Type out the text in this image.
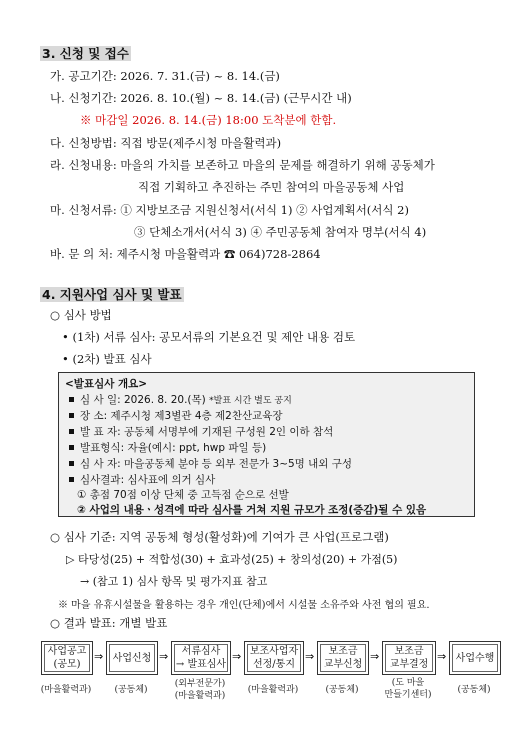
3. 신청 및 접수
가. 공고기간: 2026. 7. 31.(금) ~ 8. 14.(금)
나. 신청기간: 2026. 8. 10.(월) ~ 8. 14.(금) (근무시간 내)
※ 마감일 2026. 8. 14.(금) 18:00 도착분에 한함.
다. 신청방법: 직접 방문(제주시청 마을활력과)
라. 신청내용: 마을의 가치를 보존하고 마을의 문제를 해결하기 위해 공동체가
직접 기획하고 추진하는 주민 참여의 마을공동체 사업
마. 신청서류: ① 지방보조금 지원신청서(서식 1) ② 사업계획서(서식 2)
③ 단체소개서(서식 3) ④ 주민공동체 참여자 명부(서식 4)
바. 문 의 처: 제주시청 마을활력과 ☎ 064)728-2864
4. 지원사업 심사 및 발표
○ 심사 방법
• (1차) 서류 심사: 공모서류의 기본요건 및 제안 내용 검토
• (2차) 발표 심사
<발표심사 개요>
심 사 일: 2026. 8. 20.(목) *발표 시간 별도 공지
장 소: 제주시청 제3별관 4층 제2찬산교육장
발 표 자: 공동체 서명부에 기재된 구성원 2인 이하 참석
발표형식: 자율(예시: ppt, hwp 파일 등)
심 사 자: 마을공동체 분야 등 외부 전문가 3~5명 내외 구성
심사결과: 심사표에 의거 심사
① 총점 70점 이상 단체 중 고득점 순으로 선발
② 사업의 내용ㆍ성격에 따라 심사를 거쳐 지원 규모가 조정(증감)될 수 있음
○ 심사 기준: 지역 공동체 형성(활성화)에 기여가 큰 사업(프로그램)
▷ 타당성(25) + 적합성(30) + 효과성(25) + 창의성(20) + 가점(5)
→ (참고 1) 심사 항목 및 평가지표 참고
※ 마을 유휴시설물을 활용하는 경우 개인(단체)에서 시설물 소유주와 사전 협의 필요.
○ 결과 발표: 개별 발표
사업공고
(공모)
⇒ 사업신청 ⇒ 서류심사
→ 발표심사
⇒ 보조사업자
선정/통지
⇒ 보조금
교부신청
⇒ 보조금
교부결정
⇒ 사업수행
(마을활력과)	(공동체)
(외부전문가)
(마을활력과)
(마을활력과)	(공동체)
(도 마을
만들기센터)	(공동체)
